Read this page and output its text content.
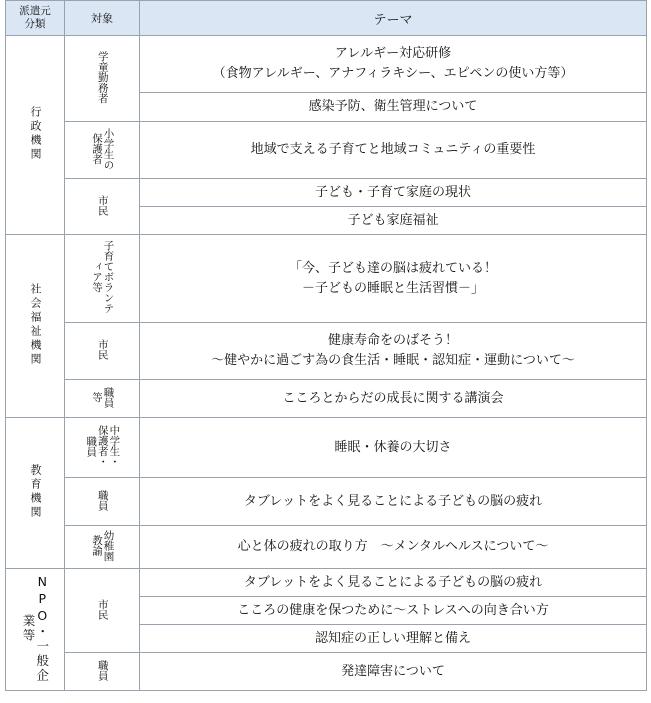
派遣元分類	対象	テーマ
行政機関	学童勤務者	アレルギー対応研修
（食物アレルギー、アナフィラキシー、エピペンの使い方等）

		感染予防、衛生管理について
	小学生の保護者	地域で支える子育てと地域コミュニティの重要性
	市民	子ども・子育て家庭の現状
		子ども家庭福祉
社会福祉機関	子育てボランティア等	「今、子ども達の脳は疲れている！
－子どもの睡眠と生活習慣－」

	市民	健康寿命をのばそう！
～健やかに過ごす為の食生活・睡眠・認知症・運動について～

	職員等	こころとからだの成長に関する講演会
教育機関	中学生・保護者・職員	睡眠・休養の大切さ
	職員	タブレットをよく見ることによる子どもの脳の疲れ
	幼稚園教諭	心と体の疲れの取り方　～メンタルヘルスについて～
NPO・一般企業等	市民	タブレットをよく見ることによる子どもの脳の疲れ
		こころの健康を保つために～ストレスへの向き合い方
		認知症の正しい理解と備え
	職員	発達障害について
